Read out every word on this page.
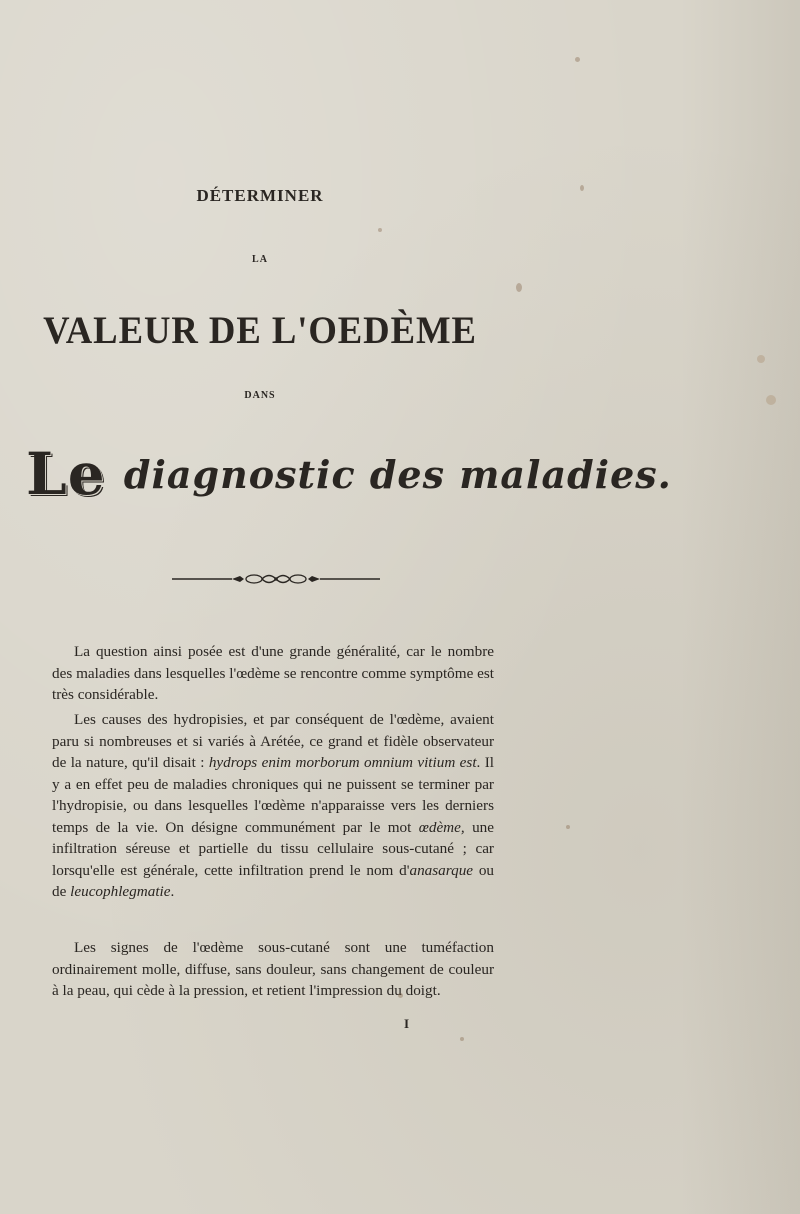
DÉTERMINER
LA
VALEUR DE L'OEDÈME
DANS
Le diagnostic des maladies.

La question ainsi posée est d'une grande généralité, car le nombre des maladies dans lesquelles l'œdème se rencontre comme symptôme est très considérable.

Les causes des hydropisies, et par conséquent de l'œdème, avaient paru si nombreuses et si variés à Arétée, ce grand et fidèle observateur de la nature, qu'il disait : hydrops enim morborum omnium vitium est. Il y a en effet peu de maladies chroniques qui ne puissent se terminer par l'hydropisie, ou dans lesquelles l'œdème n'apparaisse vers les derniers temps de la vie. On désigne communément par le mot œdème, une infiltration séreuse et partielle du tissu cellulaire sous-cutané ; car lorsqu'elle est générale, cette infiltration prend le nom d'anasarque ou de leucophlegmatie.

Les signes de l'œdème sous-cutané sont une tuméfaction ordinairement molle, diffuse, sans douleur, sans changement de couleur à la peau, qui cède à la pression, et retient l'impression du doigt.

I
